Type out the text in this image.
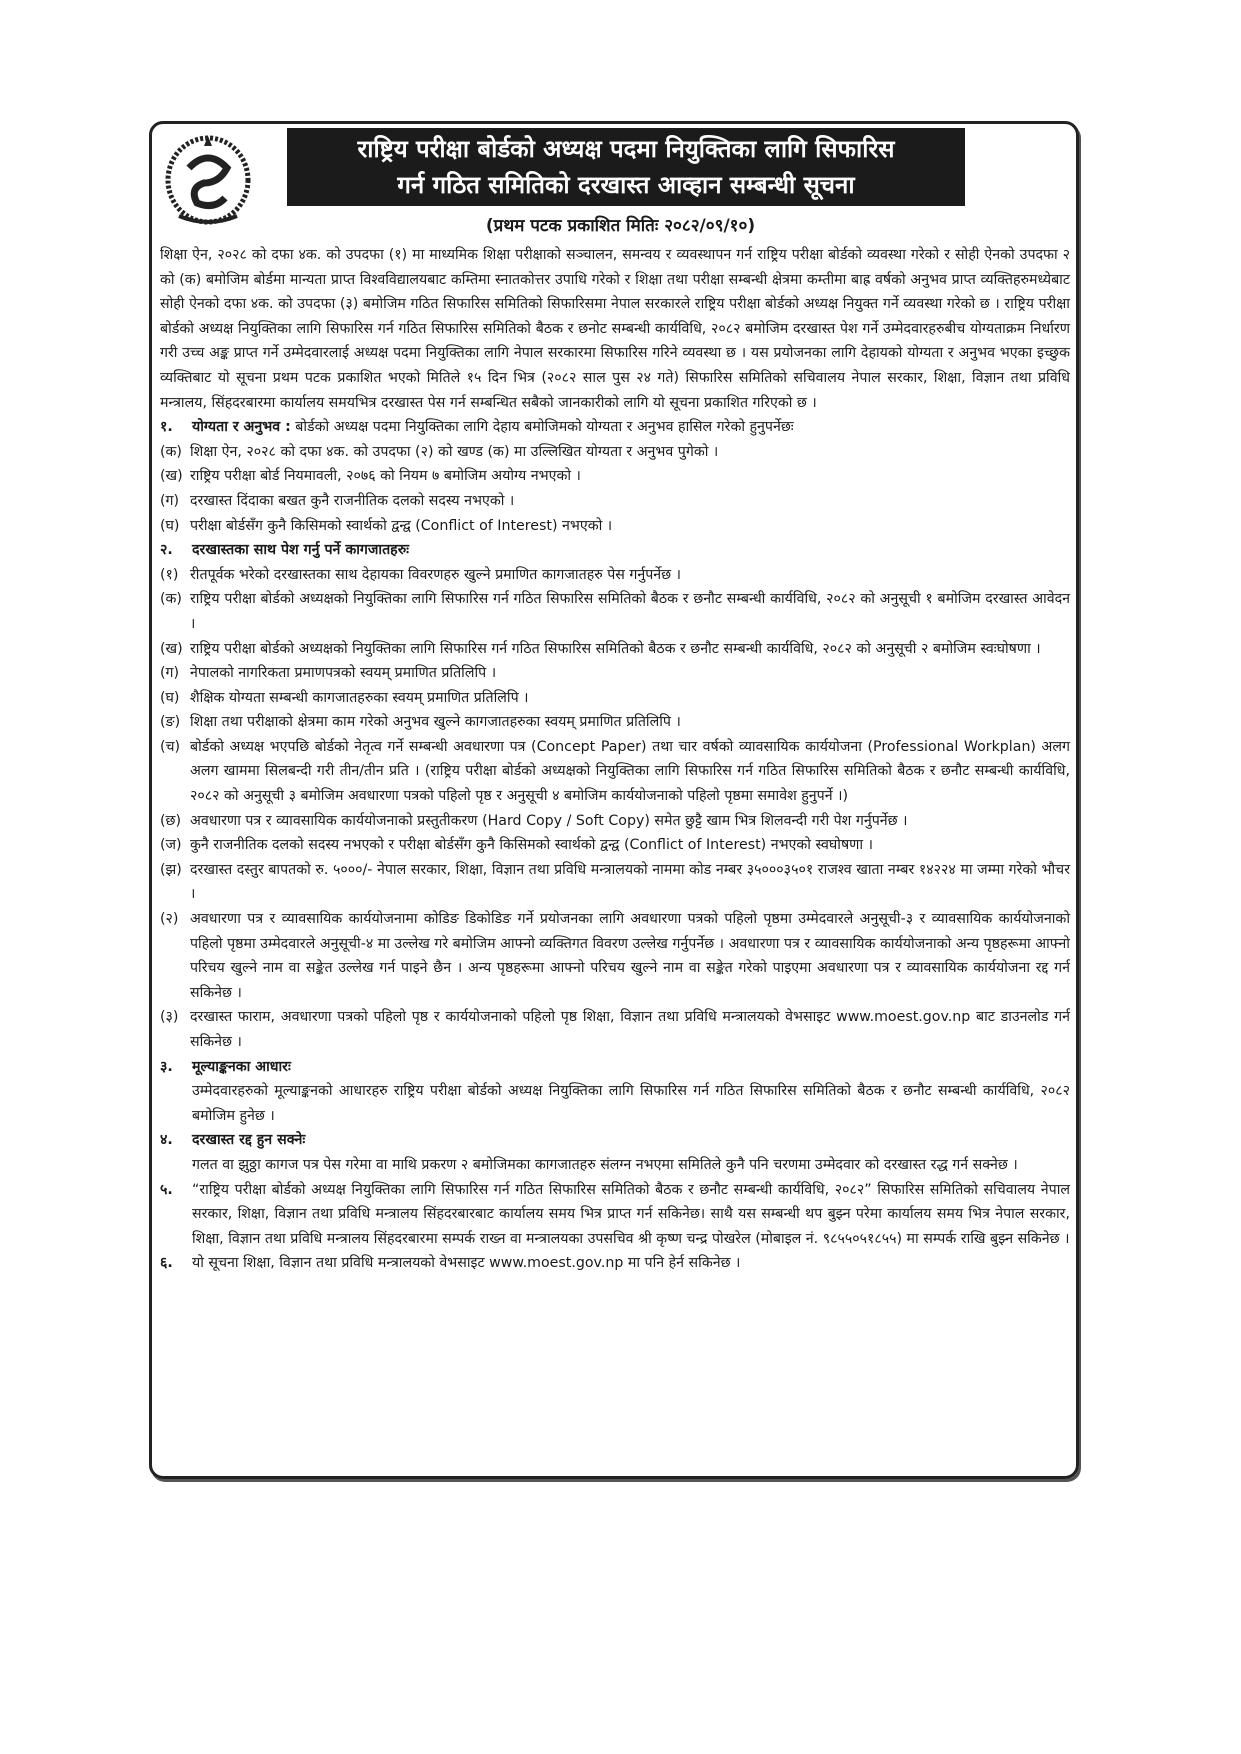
राष्ट्रिय परीक्षा बोर्डको अध्यक्ष पदमा नियुक्तिका लागि सिफारिस
गर्न गठित समितिको दरखास्त आव्हान सम्बन्धी सूचना
(प्रथम पटक प्रकाशित मितिः २०८२/०९/१०)

शिक्षा ऐन, २०२८ को दफा ४क. को उपदफा (१) मा माध्यमिक शिक्षा परीक्षाको सञ्चालन, समन्वय र व्यवस्थापन गर्न राष्ट्रिय परीक्षा बोर्डको व्यवस्था गरेको र सोही ऐनको उपदफा २ को (क) बमोजिम बोर्डमा मान्यता प्राप्त विश्वविद्यालयबाट कम्तिमा स्नातकोत्तर उपाधि गरेको र शिक्षा तथा परीक्षा सम्बन्धी क्षेत्रमा कम्तीमा बाह्र वर्षको अनुभव प्राप्त व्यक्तिहरुमध्येबाट सोही ऐनको दफा ४क. को उपदफा (३) बमोजिम गठित सिफारिस समितिको सिफारिसमा नेपाल सरकारले राष्ट्रिय परीक्षा बोर्डको अध्यक्ष नियुक्त गर्ने व्यवस्था गरेको छ । राष्ट्रिय परीक्षा बोर्डको अध्यक्ष नियुक्तिका लागि सिफारिस गर्न गठित सिफारिस समितिको बैठक र छनोट सम्बन्धी कार्यविधि, २०८२ बमोजिम दरखास्त पेश गर्ने उम्मेदवारहरुबीच योग्यताक्रम निर्धारण गरी उच्च अङ्क प्राप्त गर्ने उम्मेदवारलाई अध्यक्ष पदमा नियुक्तिका लागि नेपाल सरकारमा सिफारिस गरिने व्यवस्था छ । यस प्रयोजनका लागि देहायको योग्यता र अनुभव भएका इच्छुक व्यक्तिबाट यो सूचना प्रथम पटक प्रकाशित भएको मितिले १५ दिन भित्र (२०८२ साल पुस २४ गते) सिफारिस समितिको सचिवालय नेपाल सरकार, शिक्षा, विज्ञान तथा प्रविधि मन्त्रालय, सिंहदरबारमा कार्यालय समयभित्र दरखास्त पेस गर्न सम्बन्धित सबैको जानकारीको लागि यो सूचना प्रकाशित गरिएको छ ।

१.	योग्यता र अनुभव : बोर्डको अध्यक्ष पदमा नियुक्तिका लागि देहाय बमोजिमको योग्यता र अनुभव हासिल गरेको हुनुपर्नेछः
(क) शिक्षा ऐन, २०२८ को दफा ४क. को उपदफा (२) को खण्ड (क) मा उल्लिखित योग्यता र अनुभव पुगेको ।
(ख) राष्ट्रिय परीक्षा बोर्ड नियमावली, २०७६ को नियम ७ बमोजिम अयोग्य नभएको ।
(ग) दरखास्त दिंदाका बखत कुनै राजनीतिक दलको सदस्य नभएको ।
(घ) परीक्षा बोर्डसँग कुनै किसिमको स्वार्थको द्वन्द्व (Conflict of Interest) नभएको ।
२.	दरखास्तका साथ पेश गर्नु पर्ने कागजातहरुः
(१) रीतपूर्वक भरेको दरखास्तका साथ देहायका विवरणहरु खुल्ने प्रमाणित कागजातहरु पेस गर्नुपर्नेछ ।
(क) राष्ट्रिय परीक्षा बोर्डको अध्यक्षको नियुक्तिका लागि सिफारिस गर्न गठित सिफारिस समितिको बैठक र छनौट सम्बन्धी कार्यविधि, २०८२ को अनुसूची १ बमोजिम दरखास्त आवेदन ।
(ख) राष्ट्रिय परीक्षा बोर्डको अध्यक्षको नियुक्तिका लागि सिफारिस गर्न गठित सिफारिस समितिको बैठक र छनौट सम्बन्धी कार्यविधि, २०८२ को अनुसूची २ बमोजिम स्वःघोषणा ।
(ग) नेपालको नागरिकता प्रमाणपत्रको स्वयम् प्रमाणित प्रतिलिपि ।
(घ) शैक्षिक योग्यता सम्बन्धी कागजातहरुका स्वयम् प्रमाणित प्रतिलिपि ।
(ङ) शिक्षा तथा परीक्षाको क्षेत्रमा काम गरेको अनुभव खुल्ने कागजातहरुका स्वयम् प्रमाणित प्रतिलिपि ।
(च) बोर्डको अध्यक्ष भएपछि बोर्डको नेतृत्व गर्ने सम्बन्धी अवधारणा पत्र (Concept Paper) तथा चार वर्षको व्यावसायिक कार्ययोजना (Professional Workplan) अलग अलग खाममा सिलबन्दी गरी तीन/तीन प्रति । (राष्ट्रिय परीक्षा बोर्डको अध्यक्षको नियुक्तिका लागि सिफारिस गर्न गठित सिफारिस समितिको बैठक र छनौट सम्बन्धी कार्यविधि, २०८२ को अनुसूची ३ बमोजिम अवधारणा पत्रको पहिलो पृष्ठ र अनुसूची ४ बमोजिम कार्ययोजनाको पहिलो पृष्ठमा समावेश हुनुपर्ने ।)
(छ) अवधारणा पत्र र व्यावसायिक कार्ययोजनाको प्रस्तुतीकरण (Hard Copy / Soft Copy) समेत छुट्टै खाम भित्र शिलवन्दी गरी पेश गर्नुपर्नेछ ।
(ज) कुनै राजनीतिक दलको सदस्य नभएको र परीक्षा बोर्डसँग कुनै किसिमको स्वार्थको द्वन्द्व (Conflict of Interest) नभएको स्वघोषणा ।
(झ) दरखास्त दस्तुर बापतको रु. ५०००/- नेपाल सरकार, शिक्षा, विज्ञान तथा प्रविधि मन्त्रालयको नाममा कोड नम्बर ३५०००३५०१ राजश्व खाता नम्बर १४२२४ मा जम्मा गरेको भौचर ।
(२) अवधारणा पत्र र व्यावसायिक कार्ययोजनामा कोडिङ डिकोडिङ गर्ने प्रयोजनका लागि अवधारणा पत्रको पहिलो पृष्ठमा उम्मेदवारले अनुसूची-३ र व्यावसायिक कार्ययोजनाको पहिलो पृष्ठमा उम्मेदवारले अनुसूची-४ मा उल्लेख गरे बमोजिम आफ्नो व्यक्तिगत विवरण उल्लेख गर्नुपर्नेछ । अवधारणा पत्र र व्यावसायिक कार्ययोजनाको अन्य पृष्ठहरूमा आफ्नो परिचय खुल्ने नाम वा सङ्केत उल्लेख गर्न पाइने छैन । अन्य पृष्ठहरूमा आफ्नो परिचय खुल्ने नाम वा सङ्केत गरेको पाइएमा अवधारणा पत्र र व्यावसायिक कार्ययोजना रद्द गर्न सकिनेछ ।
(३) दरखास्त फाराम, अवधारणा पत्रको पहिलो पृष्ठ र कार्ययोजनाको पहिलो पृष्ठ शिक्षा, विज्ञान तथा प्रविधि मन्त्रालयको वेभसाइट www.moest.gov.np बाट डाउनलोड गर्न सकिनेछ ।
३.	मूल्याङ्कनका आधारः
उम्मेदवारहरुको मूल्याङ्कनको आधारहरु राष्ट्रिय परीक्षा बोर्डको अध्यक्ष नियुक्तिका लागि सिफारिस गर्न गठित सिफारिस समितिको बैठक र छनौट सम्बन्धी कार्यविधि, २०८२ बमोजिम हुनेछ ।
४.	दरखास्त रद्द हुन सक्नेः
गलत वा झुठ्ठा कागज पत्र पेस गरेमा वा माथि प्रकरण २ बमोजिमका कागजातहरु संलग्न नभएमा समितिले कुनै पनि चरणमा उम्मेदवार को दरखास्त रद्ध गर्न सक्नेछ ।
५.	“राष्ट्रिय परीक्षा बोर्डको अध्यक्ष नियुक्तिका लागि सिफारिस गर्न गठित सिफारिस समितिको बैठक र छनौट सम्बन्धी कार्यविधि, २०८२” सिफारिस समितिको सचिवालय नेपाल सरकार, शिक्षा, विज्ञान तथा प्रविधि मन्त्रालय सिंहदरबारबाट कार्यालय समय भित्र प्राप्त गर्न सकिनेछ। साथै यस सम्बन्धी थप बुझ्न परेमा कार्यालय समय भित्र नेपाल सरकार, शिक्षा, विज्ञान तथा प्रविधि मन्त्रालय सिंहदरबारमा सम्पर्क राख्न वा मन्त्रालयका उपसचिव श्री कृष्ण चन्द्र पोखरेल (मोबाइल नं. ९८५५०५१८५५) मा सम्पर्क राखि बुझ्न सकिनेछ ।
६.	यो सूचना शिक्षा, विज्ञान तथा प्रविधि मन्त्रालयको वेभसाइट www.moest.gov.np मा पनि हेर्न सकिनेछ ।
